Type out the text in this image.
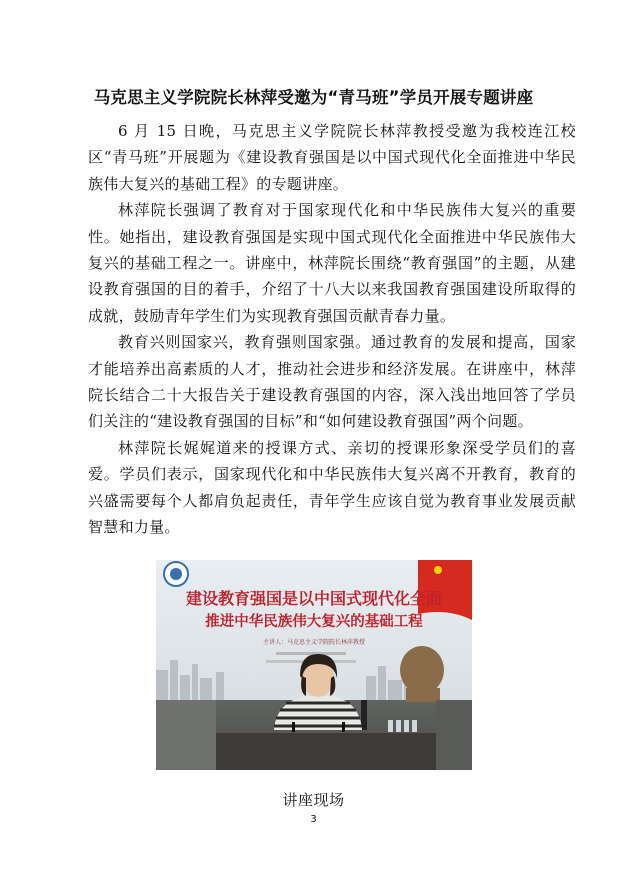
马克思主义学院院长林萍受邀为“青马班”学员开展专题讲座

6 月 15 日晚，马克思主义学院院长林萍教授受邀为我校连江校区“青马班”开展题为《建设教育强国是以中国式现代化全面推进中华民族伟大复兴的基础工程》的专题讲座。

林萍院长强调了教育对于国家现代化和中华民族伟大复兴的重要性。她指出，建设教育强国是实现中国式现代化全面推进中华民族伟大复兴的基础工程之一。讲座中，林萍院长围绕“教育强国”的主题，从建设教育强国的目的着手，介绍了十八大以来我国教育强国建设所取得的成就，鼓励青年学生们为实现教育强国贡献青春力量。

教育兴则国家兴，教育强则国家强。通过教育的发展和提高，国家才能培养出高素质的人才，推动社会进步和经济发展。在讲座中，林萍院长结合二十大报告关于建设教育强国的内容，深入浅出地回答了学员们关注的“建设教育强国的目标”和“如何建设教育强国”两个问题。

林萍院长娓娓道来的授课方式、亲切的授课形象深受学员们的喜爱。学员们表示，国家现代化和中华民族伟大复兴离不开教育，教育的兴盛需要每个人都肩负起责任，青年学生应该自觉为教育事业发展贡献智慧和力量。

建设教育强国是以中国式现代化全面
推进中华民族伟大复兴的基础工程
主讲人：马克思主义学院院长林萍教授
讲座现场
3
